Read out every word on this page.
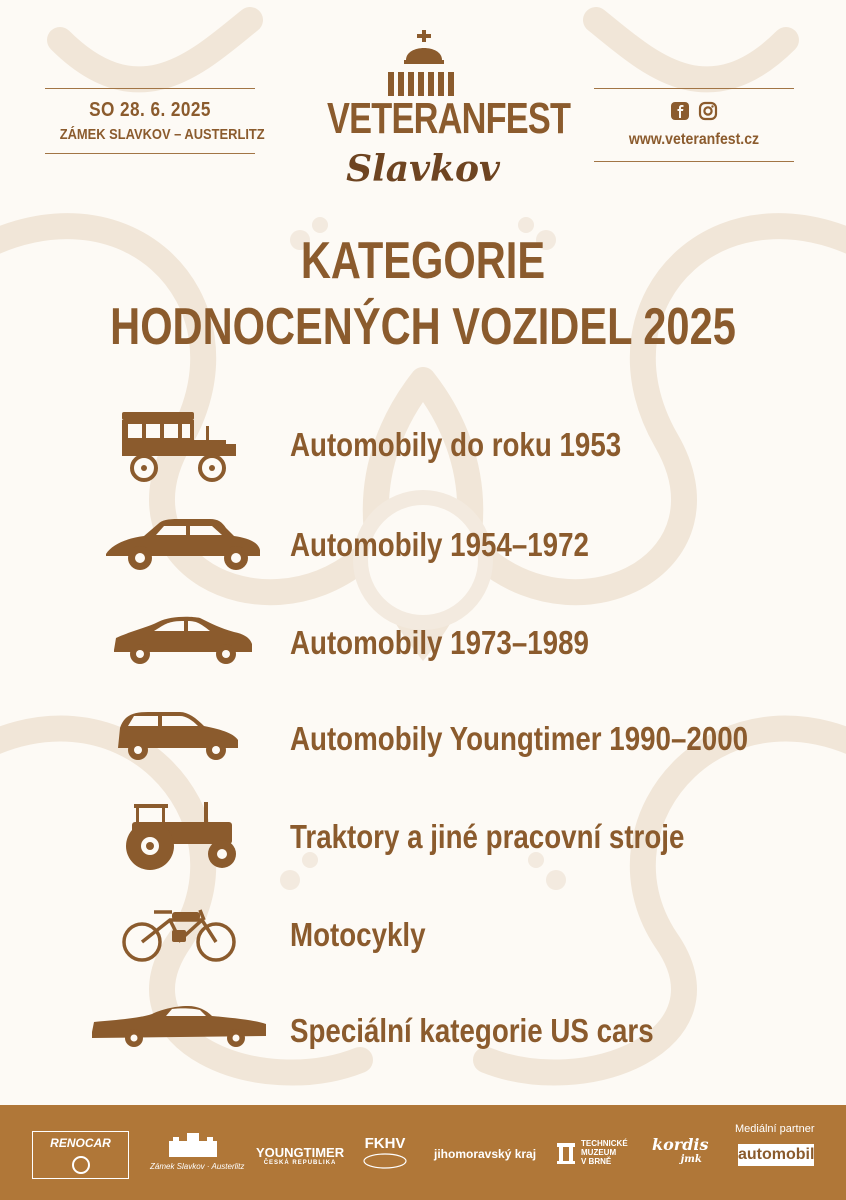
SO 28. 6. 2025
ZÁMEK SLAVKOV – AUSTERLITZ VETERANFEST
Slavkov
www.veteranfest.cz
KATEGORIE
HODNOCENÝCH VOZIDEL 2025
Automobily do roku 1953
Automobily 1954–1972
Automobily 1973–1989
Automobily Youngtimer 1990–2000
Traktory a jiné pracovní stroje
Motocykly
Speciální kategorie US cars
RENOCAR
Zámek Slavkov · Austerlitz
YOUNGTIMER
ČESKÁ REPUBLIKA
FKHV
jihomoravský kraj
TECHNICKÉ
MUZEUM
V BRNĚ
kordis
jmk
Mediální partner
automobil
